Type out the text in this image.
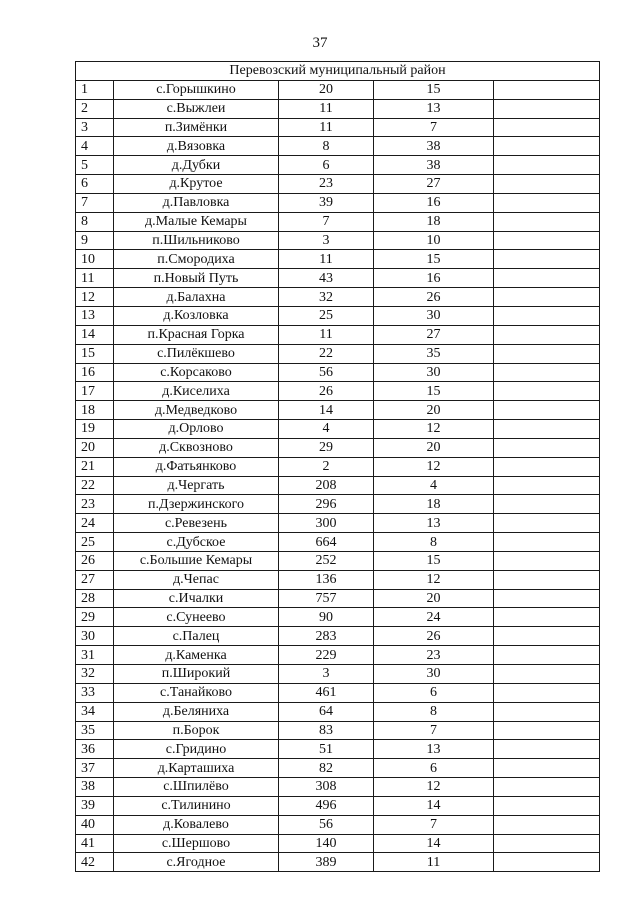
37
Перевозский муниципальный район				
1	с.Горышкино	20	15	
2	с.Выжлеи	11	13	
3	п.Зимёнки	11	7	
4	д.Вязовка	8	38	
5	д.Дубки	6	38	
6	д.Крутое	23	27	
7	д.Павловка	39	16	
8	д.Малые Кемары	7	18	
9	п.Шильниково	3	10	
10	п.Смородиха	11	15	
11	п.Новый Путь	43	16	
12	д.Балахна	32	26	
13	д.Козловка	25	30	
14	п.Красная Горка	11	27	
15	с.Пилёкшево	22	35	
16	с.Корсаково	56	30	
17	д.Киселиха	26	15	
18	д.Медведково	14	20	
19	д.Орлово	4	12	
20	д.Сквозново	29	20	
21	д.Фатьянково	2	12	
22	д.Чергать	208	4	
23	п.Дзержинского	296	18	
24	с.Ревезень	300	13	
25	с.Дубское	664	8	
26	с.Большие Кемары	252	15	
27	д.Чепас	136	12	
28	с.Ичалки	757	20	
29	с.Сунеево	90	24	
30	с.Палец	283	26	
31	д.Каменка	229	23	
32	п.Широкий	3	30	
33	с.Танайково	461	6	
34	д.Беляниха	64	8	
35	п.Борок	83	7	
36	с.Гридино	51	13	
37	д.Карташиха	82	6	
38	с.Шпилёво	308	12	
39	с.Тилинино	496	14	
40	д.Ковалево	56	7	
41	с.Шершово	140	14	
42	с.Ягодное	389	11	
